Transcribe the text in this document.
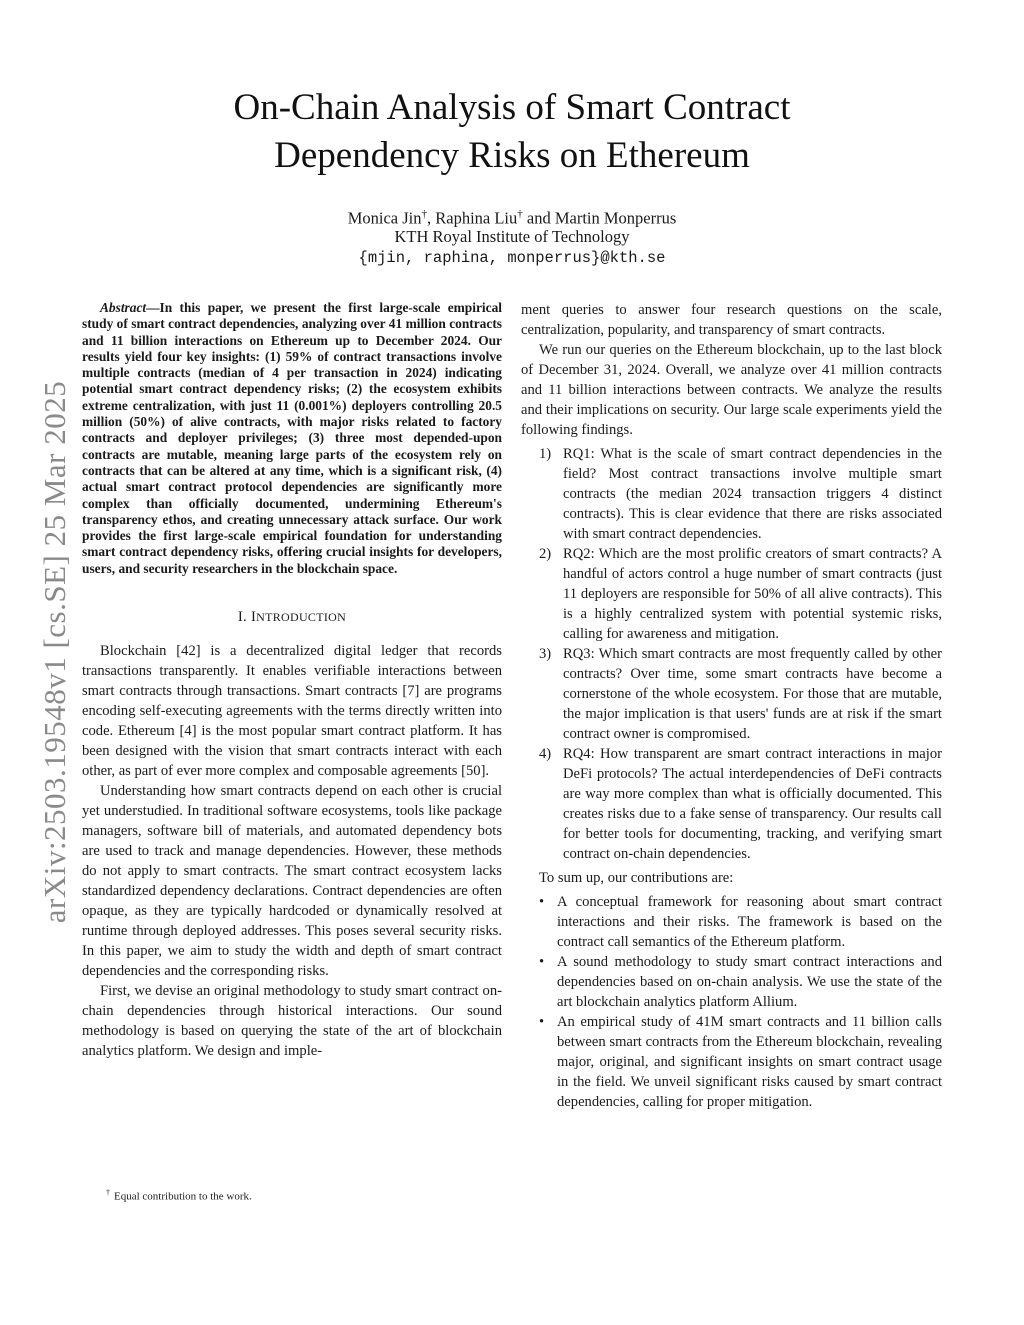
arXiv:2503.19548v1 [cs.SE] 25 Mar 2025
On-Chain Analysis of Smart Contract
Dependency Risks on Ethereum
Monica Jin†, Raphina Liu† and Martin Monperrus
KTH Royal Institute of Technology
{mjin, raphina, monperrus}@kth.se

Abstract—In this paper, we present the first large-scale empirical study of smart contract dependencies, analyzing over 41 million contracts and 11 billion interactions on Ethereum up to December 2024. Our results yield four key insights: (1) 59% of contract transactions involve multiple contracts (median of 4 per transaction in 2024) indicating potential smart contract dependency risks; (2) the ecosystem exhibits extreme centralization, with just 11 (0.001%) deployers controlling 20.5 million (50%) of alive contracts, with major risks related to factory contracts and deployer privileges; (3) three most depended-upon contracts are mutable, meaning large parts of the ecosystem rely on contracts that can be altered at any time, which is a significant risk, (4) actual smart contract protocol dependencies are significantly more complex than officially documented, undermining Ethereum's transparency ethos, and creating unnecessary attack surface. Our work provides the first large-scale empirical foundation for understanding smart contract dependency risks, offering crucial insights for developers, users, and security researchers in the blockchain space.

I. INTRODUCTION

Blockchain [42] is a decentralized digital ledger that records transactions transparently. It enables verifiable interactions between smart contracts through transactions. Smart contracts [7] are programs encoding self-executing agreements with the terms directly written into code. Ethereum [4] is the most popular smart contract platform. It has been designed with the vision that smart contracts interact with each other, as part of ever more complex and composable agreements [50].

Understanding how smart contracts depend on each other is crucial yet understudied. In traditional software ecosystems, tools like package managers, software bill of materials, and automated dependency bots are used to track and manage dependencies. However, these methods do not apply to smart contracts. The smart contract ecosystem lacks standardized dependency declarations. Contract dependencies are often opaque, as they are typically hardcoded or dynamically resolved at runtime through deployed addresses. This poses several security risks. In this paper, we aim to study the width and depth of smart contract dependencies and the corresponding risks.

First, we devise an original methodology to study smart contract on-chain dependencies through historical interactions. Our sound methodology is based on querying the state of the art of blockchain analytics platform. We design and imple-

ment queries to answer four research questions on the scale, centralization, popularity, and transparency of smart contracts.

We run our queries on the Ethereum blockchain, up to the last block of December 31, 2024. Overall, we analyze over 41 million contracts and 11 billion interactions between contracts. We analyze the results and their implications on security. Our large scale experiments yield the following findings.

1) RQ1: What is the scale of smart contract dependencies in the field? Most contract transactions involve multiple smart contracts (the median 2024 transaction triggers 4 distinct contracts). This is clear evidence that there are risks associated with smart contract dependencies.
2) RQ2: Which are the most prolific creators of smart contracts? A handful of actors control a huge number of smart contracts (just 11 deployers are responsible for 50% of all alive contracts). This is a highly centralized system with potential systemic risks, calling for awareness and mitigation.
3) RQ3: Which smart contracts are most frequently called by other contracts? Over time, some smart contracts have become a cornerstone of the whole ecosystem. For those that are mutable, the major implication is that users' funds are at risk if the smart contract owner is compromised.
4) RQ4: How transparent are smart contract interactions in major DeFi protocols? The actual interdependencies of DeFi contracts are way more complex than what is officially documented. This creates risks due to a fake sense of transparency. Our results call for better tools for documenting, tracking, and verifying smart contract on-chain dependencies.

To sum up, our contributions are:

• A conceptual framework for reasoning about smart contract interactions and their risks. The framework is based on the contract call semantics of the Ethereum platform.
• A sound methodology to study smart contract interactions and dependencies based on on-chain analysis. We use the state of the art blockchain analytics platform Allium.
• An empirical study of 41M smart contracts and 11 billion calls between smart contracts from the Ethereum blockchain, revealing major, original, and significant insights on smart contract usage in the field. We unveil significant risks caused by smart contract dependencies, calling for proper mitigation.
† Equal contribution to the work.
